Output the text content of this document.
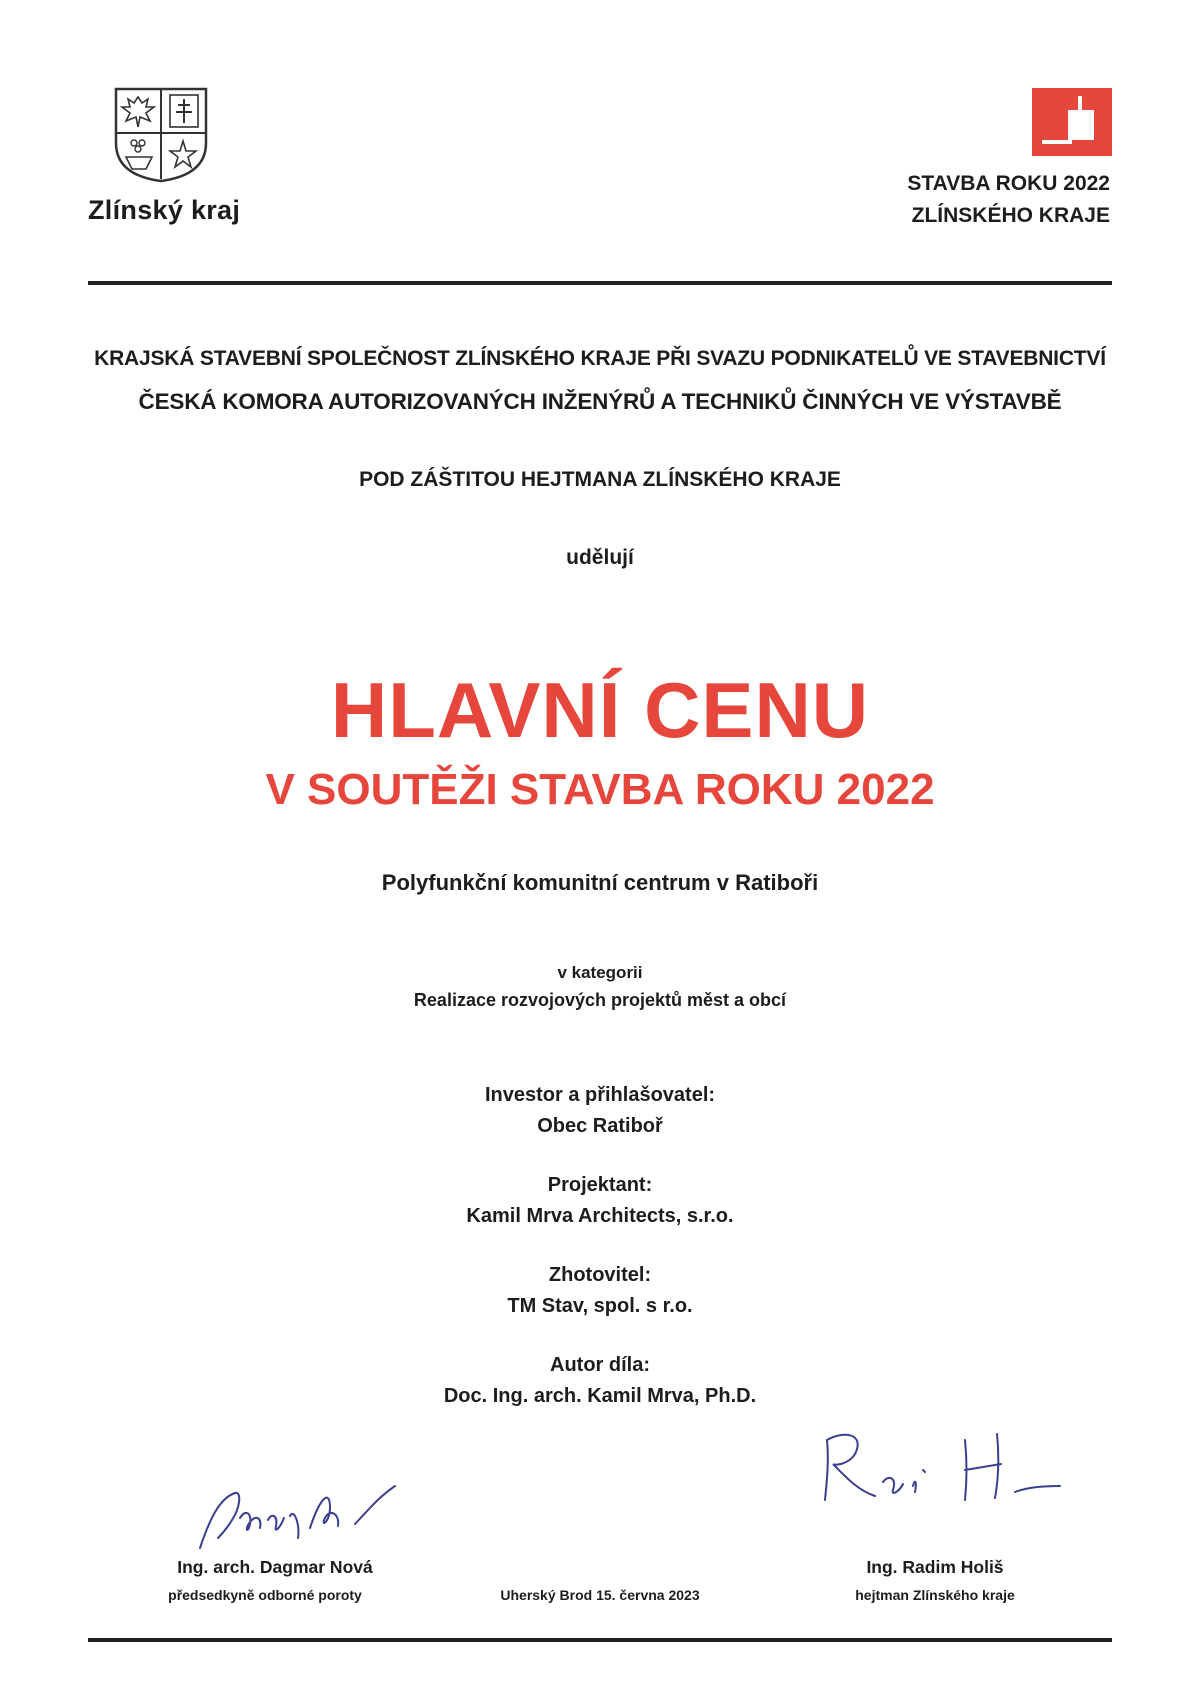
Zlínský kraj
STAVBA ROKU 2022
ZLÍNSKÉHO KRAJE
KRAJSKÁ STAVEBNÍ SPOLEČNOST ZLÍNSKÉHO KRAJE PŘI SVAZU PODNIKATELŮ VE STAVEBNICTVÍ
ČESKÁ KOMORA AUTORIZOVANÝCH INŽENÝRŮ A TECHNIKŮ ČINNÝCH VE VÝSTAVBĚ
POD ZÁŠTITOU HEJTMANA ZLÍNSKÉHO KRAJE
udělují
HLAVNÍ CENU
V SOUTĚŽI STAVBA ROKU 2022
Polyfunkční komunitní centrum v Ratiboři
v kategorii
Realizace rozvojových projektů měst a obcí
Investor a přihlašovatel:
Obec Ratiboř
Projektant:
Kamil Mrva Architects, s.r.o.
Zhotovitel:
TM Stav, spol. s r.o.
Autor díla:
Doc. Ing. arch. Kamil Mrva, Ph.D.
Ing. arch. Dagmar Nová
předsedkyně odborné poroty	Uherský Brod 15. června 2023
Ing. Radim Holiš
hejtman Zlínského kraje
